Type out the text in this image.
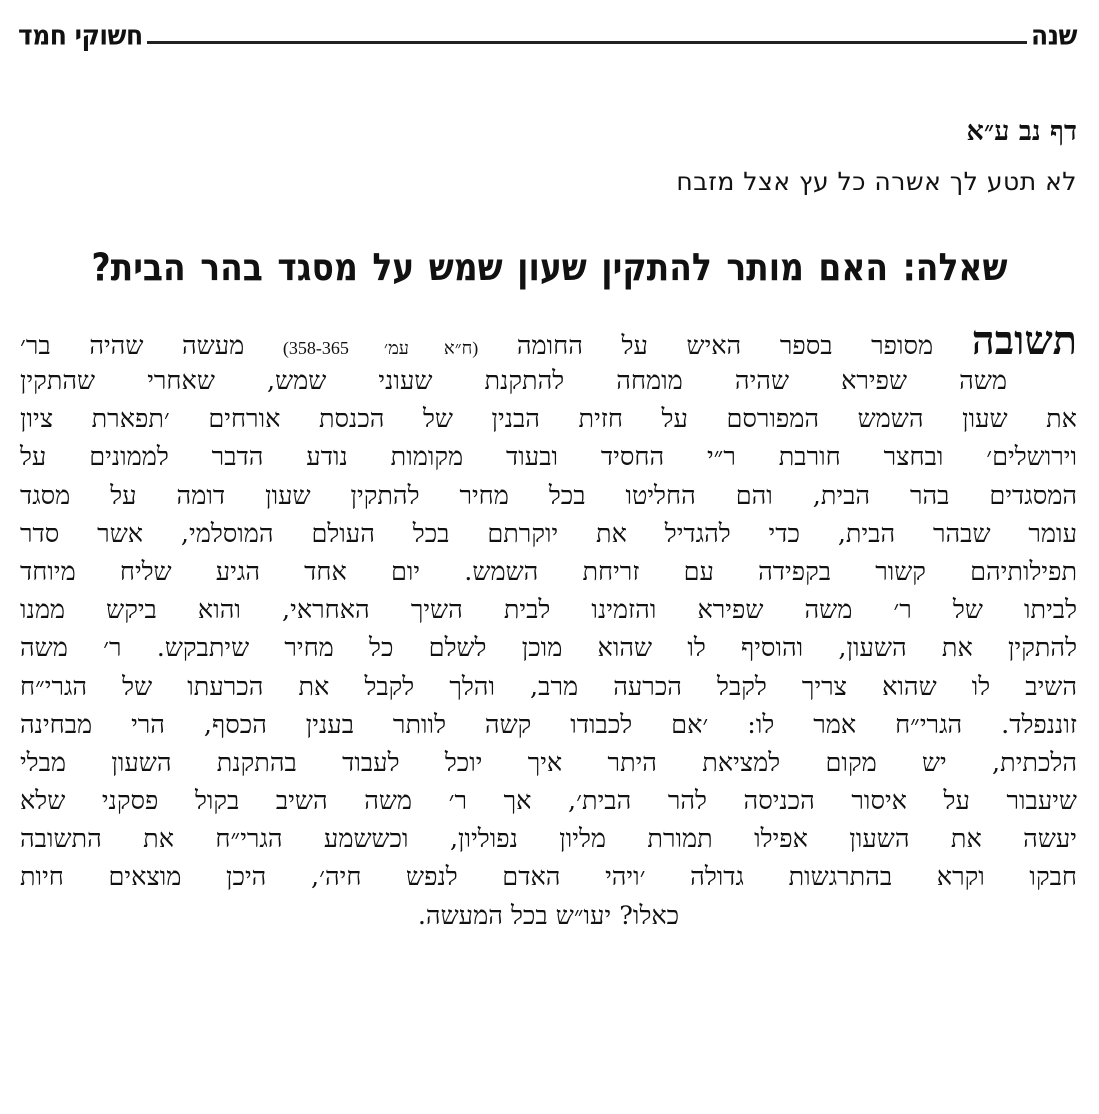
שנה
חשוקי חמד
דף נב ע״א
לא תטע לך אשרה כל עץ אצל מזבח
שאלה: האם מותר להתקין שעון שמש על מסגד בהר הבית?
תשובה מסופר בספר האיש על החומה (ח״א עמ׳ 358-365) מעשה שהיה בר׳
משה שפירא שהיה מומחה להתקנת שעוני שמש, שאחרי שהתקין
את שעון השמש המפורסם על חזית הבנין של הכנסת אורחים ׳תפארת ציון
וירושלים׳ ובחצר חורבת ר״י החסיד ובעוד מקומות נודע הדבר לממונים על
המסגדים בהר הבית, והם החליטו בכל מחיר להתקין שעון דומה על מסגד
עומר שבהר הבית, כדי להגדיל את יוקרתם בכל העולם המוסלמי, אשר סדר
תפילותיהם קשור בקפידה עם זריחת השמש. יום אחד הגיע שליח מיוחד
לביתו של ר׳ משה שפירא והזמינו לבית השיך האחראי, והוא ביקש ממנו
להתקין את השעון, והוסיף לו שהוא מוכן לשלם כל מחיר שיתבקש. ר׳ משה
השיב לו שהוא צריך לקבל הכרעה מרב, והלך לקבל את הכרעתו של הגרי״ח
זוננפלד. הגרי״ח אמר לו: ׳אם לכבודו קשה לוותר בענין הכסף, הרי מבחינה
הלכתית, יש מקום למציאת היתר איך יוכל לעבוד בהתקנת השעון מבלי
שיעבור על איסור הכניסה להר הבית׳, אך ר׳ משה השיב בקול פסקני שלא
יעשה את השעון אפילו תמורת מליון נפוליון, וכששמע הגרי״ח את התשובה
חבקו וקרא בהתרגשות גדולה ׳ויהי האדם לנפש חיה׳, היכן מוצאים חיות
כאלו? יעו״ש בכל המעשה.
